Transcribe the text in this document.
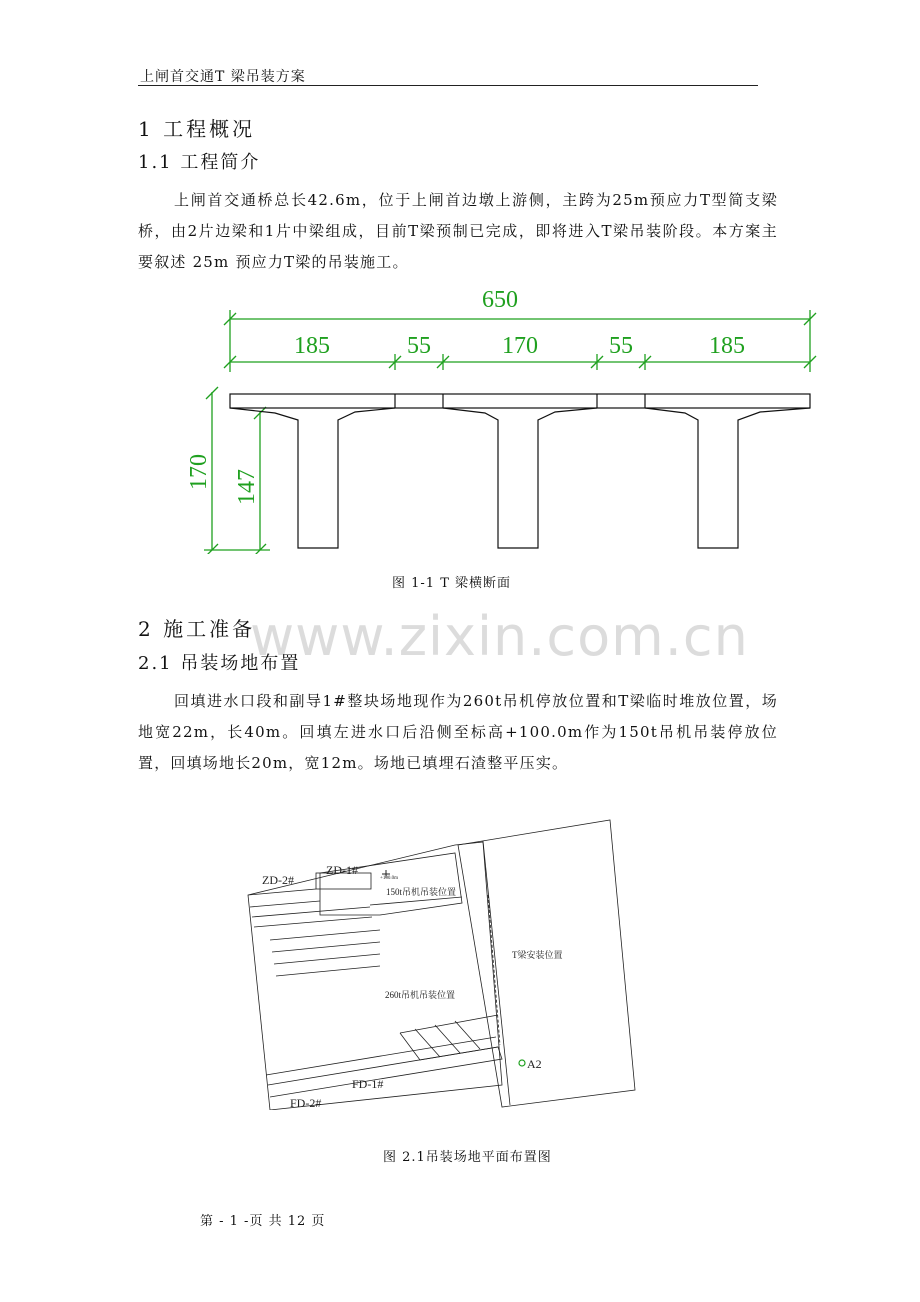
上闸首交通T 梁吊装方案
1 工程概况
1.1 工程简介
上闸首交通桥总长42.6m，位于上闸首边墩上游侧，主跨为25m预应力T型简支梁桥，由2片边梁和1片中梁组成，目前T梁预制已完成，即将进入T梁吊装阶段。本方案主要叙述 25m 预应力T梁的吊装施工。
650
185	55	170	55	185
170 147
图 1-1 T 梁横断面
www.zixin.com.cn
2 施工准备
2.1 吊装场地布置
回填进水口段和副导1#整块场地现作为260t吊机停放位置和T梁临时堆放位置，场地宽22m，长40m。回填左进水口后沿侧至标高+100.0m作为150t吊机吊装停放位置，回填场地长20m，宽12m。场地已填埋石渣整平压实。
ZD-2#
ZD-1#
+100.0m
150t吊机吊装位置
260t吊机吊装位置
T梁安装位置
FD-2#
FD-1#
A2
图 2.1吊装场地平面布置图
第 - 1 -页 共 12 页
